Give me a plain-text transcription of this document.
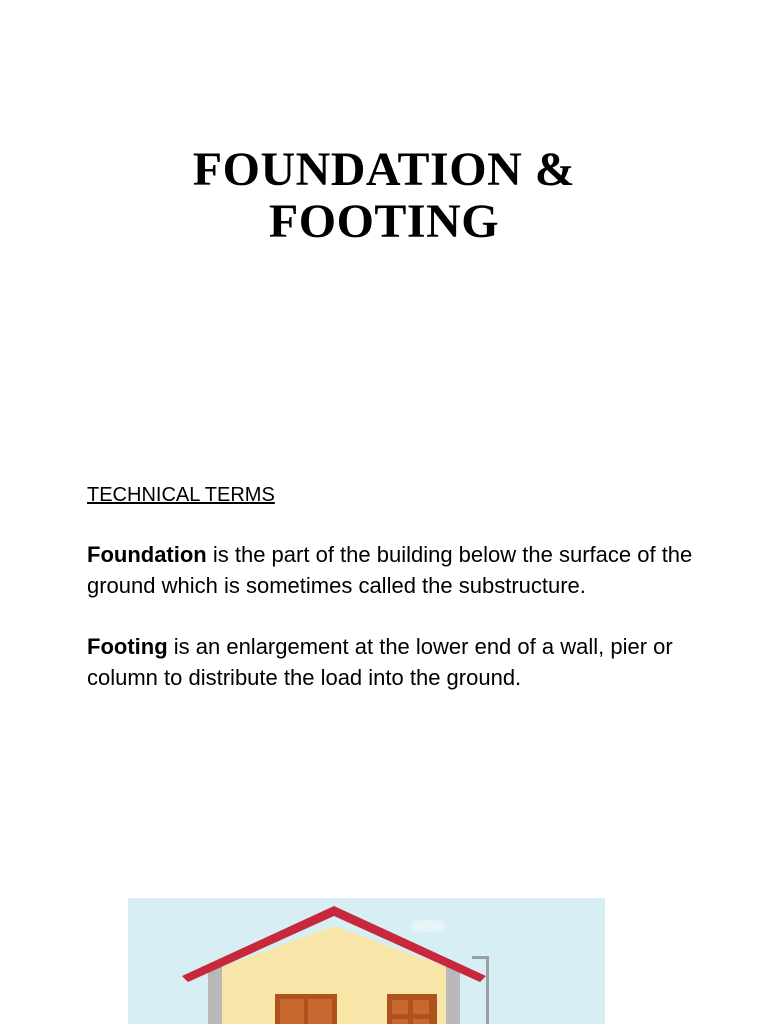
FOUNDATION &
FOOTING
TECHNICAL TERMS

Foundation is the part of the building below the surface of the ground which is sometimes called the substructure.

Footing is an enlargement at the lower end of a wall, pier or column to distribute the load into the ground.
